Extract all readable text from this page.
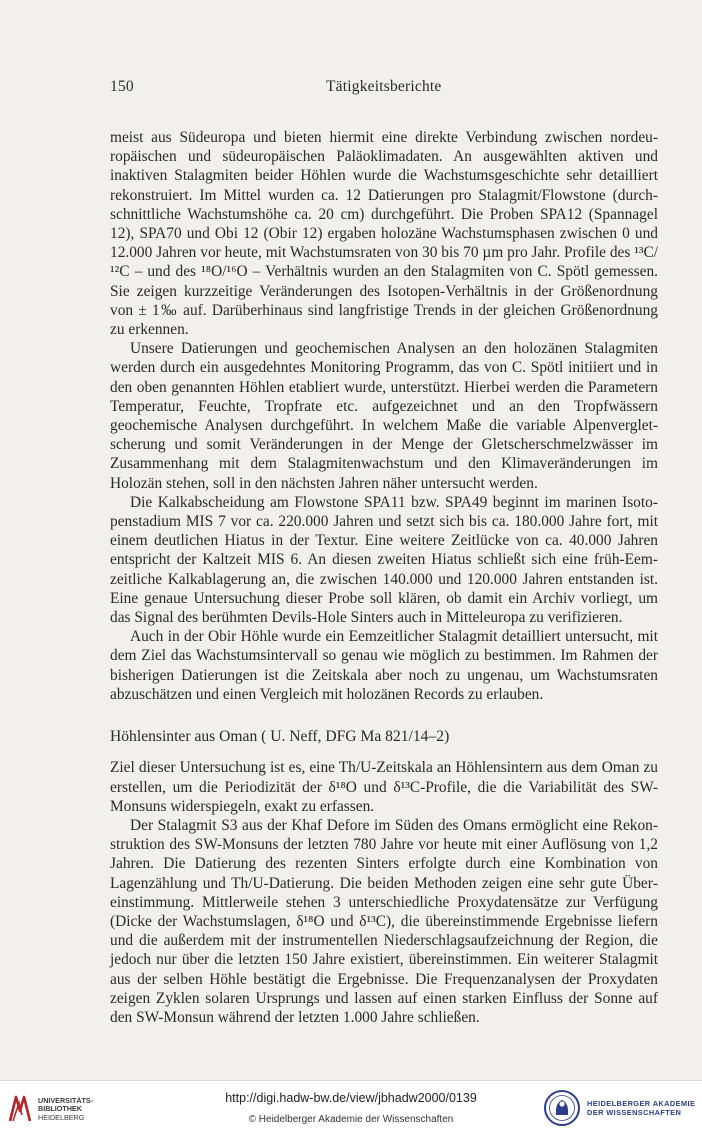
150	Tätigkeitsberichte

meist aus Südeuropa und bieten hiermit eine direkte Verbindung zwischen nordeuropäischen und südeuropäischen Paläoklimadaten. An ausgewählten aktiven und inaktiven Stalagmiten beider Höhlen wurde die Wachstumsgeschichte sehr detailliert rekonstruiert. Im Mittel wurden ca. 12 Datierungen pro Stalagmit/Flowstone (durchschnittliche Wachstumshöhe ca. 20 cm) durchgeführt. Die Proben SPA12 (Spannagel 12), SPA70 und Obi 12 (Obir 12) ergaben holozäne Wachstumsphasen zwischen 0 und 12.000 Jahren vor heute, mit Wachstumsraten von 30 bis 70 µm pro Jahr. Profile des ¹³C/¹²C – und des ¹⁸O/¹⁶O – Verhältnis wurden an den Stalagmiten von C. Spötl gemessen. Sie zeigen kurzzeitige Veränderungen des Isotopen-Verhältnis in der Größenordnung von ± 1‰ auf. Darüberhinaus sind langfristige Trends in der gleichen Größenordnung zu erkennen.

Unsere Datierungen und geochemischen Analysen an den holozänen Stalagmiten werden durch ein ausgedehntes Monitoring Programm, das von C. Spötl initiiert und in den oben genannten Höhlen etabliert wurde, unterstützt. Hierbei werden die Parametern Temperatur, Feuchte, Tropfrate etc. aufgezeichnet und an den Tropfwässern geochemische Analysen durchgeführt. In welchem Maße die variable Alpenvergletscherung und somit Veränderungen in der Menge der Gletscherschmelzwässer im Zusammenhang mit dem Stalagmitenwachstum und den Klimaveränderungen im Holozän stehen, soll in den nächsten Jahren näher untersucht werden.

Die Kalkabscheidung am Flowstone SPA11 bzw. SPA49 beginnt im marinen Isotopenstadium MIS 7 vor ca. 220.000 Jahren und setzt sich bis ca. 180.000 Jahre fort, mit einem deutlichen Hiatus in der Textur. Eine weitere Zeitlücke von ca. 40.000 Jahren entspricht der Kaltzeit MIS 6. An diesen zweiten Hiatus schließt sich eine früh-Eemzeitliche Kalkablagerung an, die zwischen 140.000 und 120.000 Jahren entstanden ist. Eine genaue Untersuchung dieser Probe soll klären, ob damit ein Archiv vorliegt, um das Signal des berühmten Devils-Hole Sinters auch in Mitteleuropa zu verifizieren.

Auch in der Obir Höhle wurde ein Eemzeitlicher Stalagmit detailliert untersucht, mit dem Ziel das Wachstumsintervall so genau wie möglich zu bestimmen. Im Rahmen der bisherigen Datierungen ist die Zeitskala aber noch zu ungenau, um Wachstumsraten abzuschätzen und einen Vergleich mit holozänen Records zu erlauben.

Höhlensinter aus Oman ( U. Neff, DFG Ma 821/14–2)

Ziel dieser Untersuchung ist es, eine Th/U-Zeitskala an Höhlensintern aus dem Oman zu erstellen, um die Periodizität der δ¹⁸O und δ¹³C-Profile, die die Variabilität des SW-Monsuns widerspiegeln, exakt zu erfassen.

Der Stalagmit S3 aus der Khaf Defore im Süden des Omans ermöglicht eine Rekonstruktion des SW-Monsuns der letzten 780 Jahre vor heute mit einer Auflösung von 1,2 Jahren. Die Datierung des rezenten Sinters erfolgte durch eine Kombination von Lagenzählung und Th/U-Datierung. Die beiden Methoden zeigen eine sehr gute Übereinstimmung. Mittlerweile stehen 3 unterschiedliche Proxydatensätze zur Verfügung (Dicke der Wachstumslagen, δ¹⁸O und δ¹³C), die übereinstimmende Ergebnisse liefern und die außerdem mit der instrumentellen Niederschlagsaufzeichnung der Region, die jedoch nur über die letzten 150 Jahre existiert, übereinstimmen. Ein weiterer Stalagmit aus der selben Höhle bestätigt die Ergebnisse. Die Frequenzanalysen der Proxydaten zeigen Zyklen solaren Ursprungs und lassen auf einen starken Einfluss der Sonne auf den SW-Monsun während der letzten 1.000 Jahre schließen.

UNIVERSITÄTS-
BIBLIOTHEK
HEIDELBERG
http://digi.hadw-bw.de/view/jbhadw2000/0139
© Heidelberger Akademie der Wissenschaften
HEIDELBERGER AKADEMIE
DER WISSENSCHAFTEN
